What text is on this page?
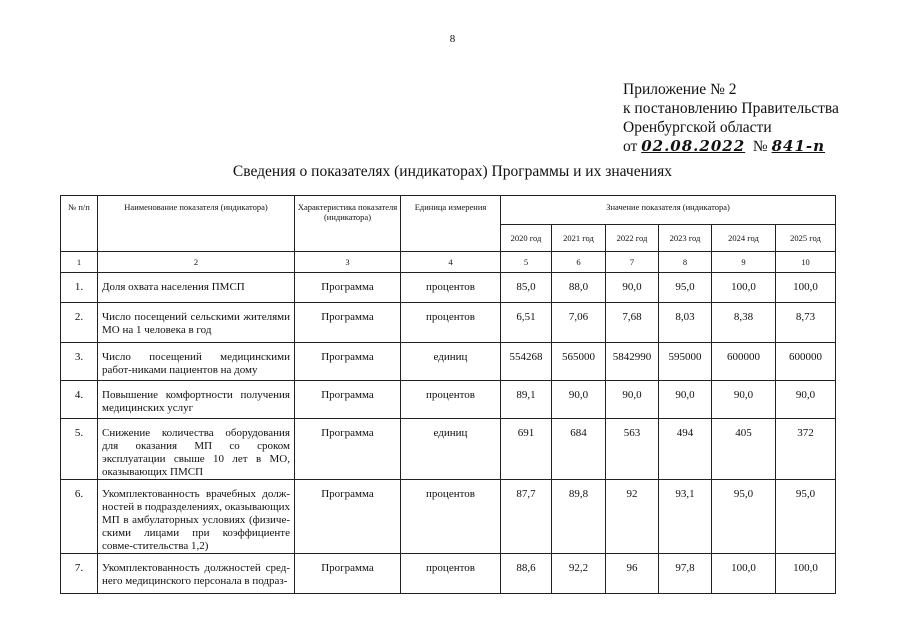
8
Приложение № 2
к постановлению Правительства
Оренбургской области
от 02.08.2022 № 841-п
Сведения о показателях (индикаторах) Программы и их значениях
№ п/п	Наименование показателя (индикатора)	Характеристика показателя (индикатора)	Единица измерения	Значение показателя (индикатора)					
				2020 год	2021 год	2022 год	2023 год	2024 год	2025 год
1	2	3	4	5	6	7	8	9	10
1.	Доля охвата населения ПМСП	Программа	процентов	85,0	88,0	90,0	95,0	100,0	100,0
2.	Число посещений сельскими жителями МО на 1 человека в год	Программа	процентов	6,51	7,06	7,68	8,03	8,38	8,73
3.	Число посещений медицинскими работ-никами пациентов на дому	Программа	единиц	554268	565000	5842990	595000	600000	600000
4.	Повышение комфортности получения медицинских услуг	Программа	процентов	89,1	90,0	90,0	90,0	90,0	90,0
5.	Снижение количества оборудования для оказания МП со сроком эксплуатации свыше 10 лет в МО, оказывающих ПМСП	Программа	единиц	691	684	563	494	405	372
6.	Укомплектованность врачебных долж-ностей в подразделениях, оказывающих МП в амбулаторных условиях (физиче-скими лицами при коэффициенте совме-стительства 1,2)	Программа	процентов	87,7	89,8	92	93,1	95,0	95,0
7.	Укомплектованность должностей сред-него медицинского персонала в подраз-	Программа	процентов	88,6	92,2	96	97,8	100,0	100,0
